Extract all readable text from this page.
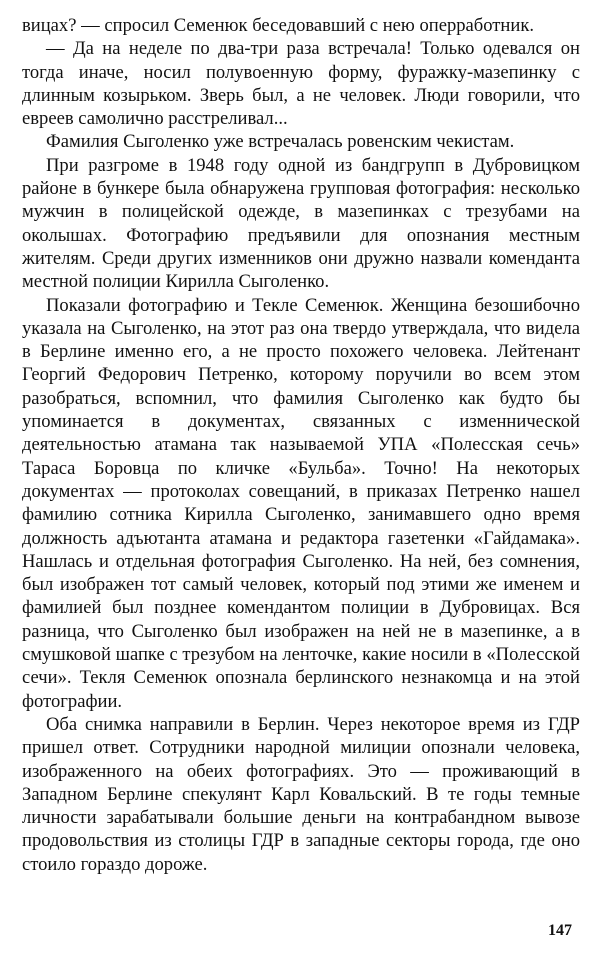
вицах? — спросил Семенюк беседовавший с нею оперработник.

— Да на неделе по два-три раза встречала! Только одевался он тогда иначе, носил полувоенную форму, фуражку-мазепинку с длинным козырьком. Зверь был, а не человек. Люди говорили, что евреев самолично расстреливал...

Фамилия Сыголенко уже встречалась ровенским чекистам.

При разгроме в 1948 году одной из бандгрупп в Дубровицком районе в бункере была обнаружена групповая фотография: несколько мужчин в полицейской одежде, в мазепинках с трезубами на околышах. Фотографию предъявили для опознания местным жителям. Среди других изменников они дружно назвали коменданта местной полиции Кирилла Сыголенко.

Показали фотографию и Текле Семенюк. Женщина безошибочно указала на Сыголенко, на этот раз она твердо утверждала, что видела в Берлине именно его, а не просто похожего человека. Лейтенант Георгий Федорович Петренко, которому поручили во всем этом разобраться, вспомнил, что фамилия Сыголенко как будто бы упоминается в документах, связанных с изменнической деятельностью атамана так называемой УПА «Полесская сечь» Тараса Боровца по кличке «Бульба». Точно! На некоторых документах — протоколах совещаний, в приказах Петренко нашел фамилию сотника Кирилла Сыголенко, занимавшего одно время должность адъютанта атамана и редактора газетенки «Гайдамака». Нашлась и отдельная фотография Сыголенко. На ней, без сомнения, был изображен тот самый человек, который под этими же именем и фамилией был позднее комендантом полиции в Дубровицах. Вся разница, что Сыголенко был изображен на ней не в мазепинке, а в смушковой шапке с трезубом на ленточке, какие носили в «Полесской сечи». Текля Семенюк опознала берлинского незнакомца и на этой фотографии.

Оба снимка направили в Берлин. Через некоторое время из ГДР пришел ответ. Сотрудники народной милиции опознали человека, изображенного на обеих фотографиях. Это — проживающий в Западном Берлине спекулянт Карл Ковальский. В те годы темные личности зарабатывали большие деньги на контрабандном вывозе продовольствия из столицы ГДР в западные секторы города, где оно стоило гораздо дороже.

147
